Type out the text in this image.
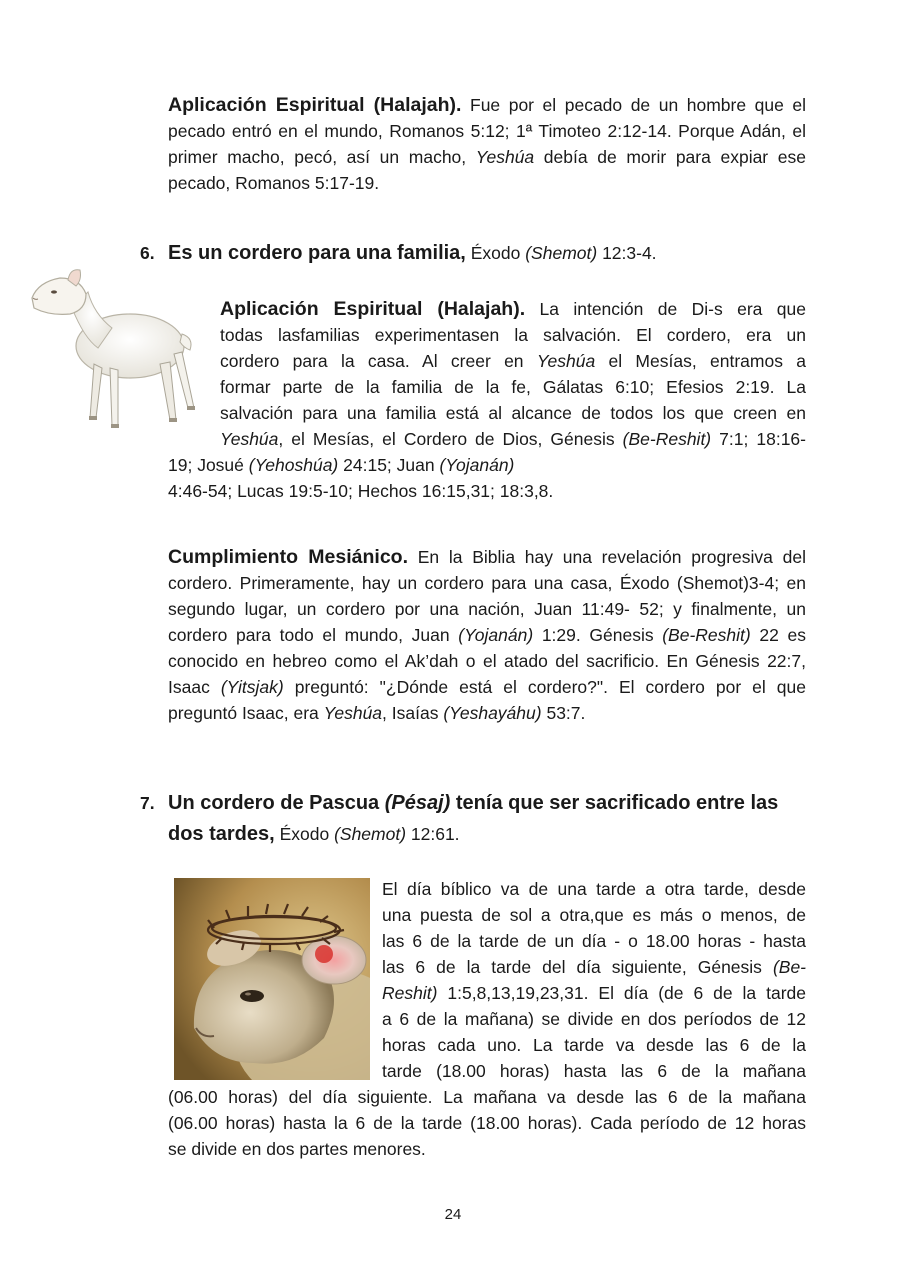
Aplicación Espiritual (Halajah). Fue por el pecado de un hombre que el pecado entró en el mundo, Romanos 5:12; 1ª Timoteo 2:12-14. Porque Adán, el primer macho, pecó, así un macho, Yeshúa debía de morir para expiar ese pecado, Romanos 5:17-19.

6. Es un cordero para una familia, Éxodo (Shemot) 12:3-4.

Aplicación Espiritual (Halajah). La intención de Di-s era que

todas lasfamilias experimentasen la salvación. El cordero, era un

cordero para la casa. Al creer en Yeshúa el Mesías, entramos a

formar parte de la familia de la fe, Gálatas 6:10; Efesios 2:19. La

salvación para una familia está al alcance de todos los que creen en

Yeshúa, el Mesías, el Cordero de Dios, Génesis (Be-Reshit) 7:1; 18:16-

19; Josué (Yehoshúa) 24:15; Juan (Yojanán)

4:46-54; Lucas 19:5-10; Hechos 16:15,31; 18:3,8.

Cumplimiento Mesiánico. En la Biblia hay una revelación progresiva del cordero. Primeramente, hay un cordero para una casa, Éxodo (Shemot)3-4; en segundo lugar, un cordero por una nación, Juan 11:49- 52; y finalmente, un cordero para todo el mundo, Juan (Yojanán) 1:29. Génesis (Be-Reshit) 22 es conocido en hebreo como el Ak’dah o el atado del sacrificio. En Génesis 22:7, Isaac (Yitsjak) preguntó: "¿Dónde está el cordero?". El cordero por el que preguntó Isaac, era Yeshúa, Isaías (Yeshayáhu) 53:7.

7. Un cordero de Pascua (Pésaj) tenía que ser sacrificado entre las
dos tardes, Éxodo (Shemot) 12:61.

El día bíblico va de una tarde a otra tarde, desde

una puesta de sol a otra,que es más o menos, de

las 6 de la tarde de un día - o 18.00 horas - hasta

las 6 de la tarde del día siguiente, Génesis (Be-

Reshit) 1:5,8,13,19,23,31. El día (de 6 de la tarde

a 6 de la mañana) se divide en dos períodos de 12

horas cada uno. La tarde va desde las 6 de la

tarde (18.00 horas) hasta las 6 de la mañana

(06.00 horas) del día siguiente. La mañana va desde las 6 de la mañana

(06.00 horas) hasta la 6 de la tarde (18.00 horas). Cada período de 12 horas

se divide en dos partes menores.

24
